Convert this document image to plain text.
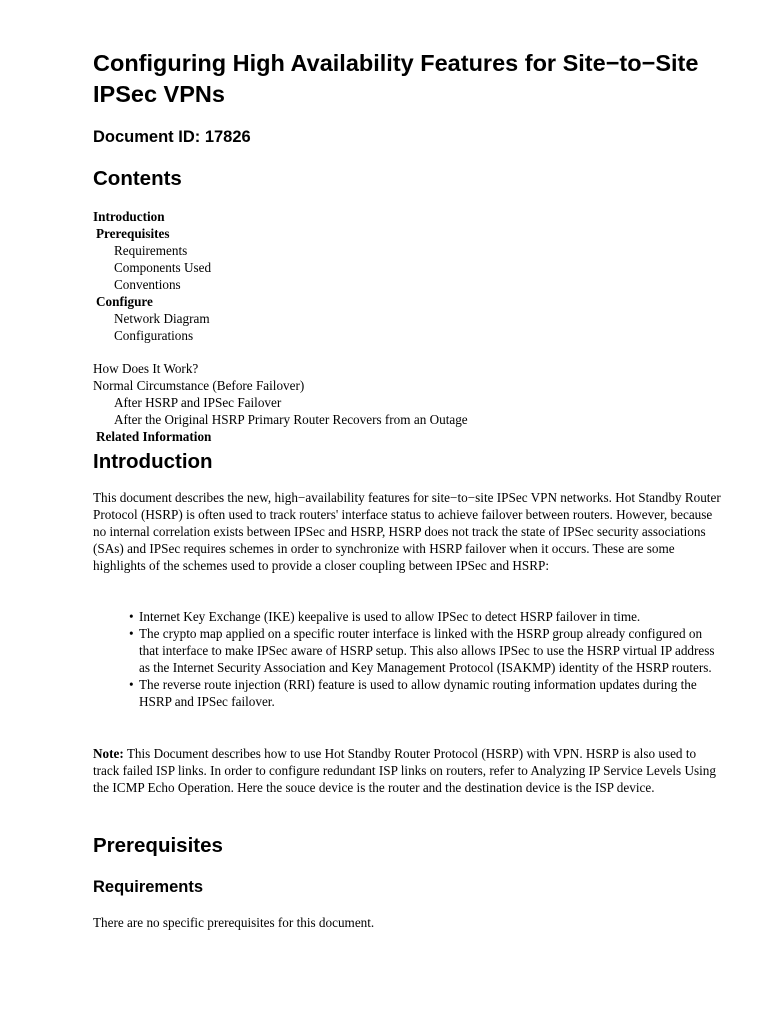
Configuring High Availability Features for Site−to−Site IPSec VPNs
Document ID: 17826
Contents
Introduction
Prerequisites
Requirements
Components Used
Conventions
Configure
Network Diagram
Configurations
How Does It Work?
Normal Circumstance (Before Failover)
After HSRP and IPSec Failover
After the Original HSRP Primary Router Recovers from an Outage
Related Information
Introduction

This document describes the new, high−availability features for site−to−site IPSec VPN networks. Hot Standby Router Protocol (HSRP) is often used to track routers' interface status to achieve failover between routers. However, because no internal correlation exists between IPSec and HSRP, HSRP does not track the state of IPSec security associations (SAs) and IPSec requires schemes in order to synchronize with HSRP failover when it occurs. These are some highlights of the schemes used to provide a closer coupling between IPSec and HSRP:

• Internet Key Exchange (IKE) keepalive is used to allow IPSec to detect HSRP failover in time.
• The crypto map applied on a specific router interface is linked with the HSRP group already configured on that interface to make IPSec aware of HSRP setup. This also allows IPSec to use the HSRP virtual IP address as the Internet Security Association and Key Management Protocol (ISAKMP) identity of the HSRP routers.
• The reverse route injection (RRI) feature is used to allow dynamic routing information updates during the HSRP and IPSec failover.

Note: This Document describes how to use Hot Standby Router Protocol (HSRP) with VPN. HSRP is also used to track failed ISP links. In order to configure redundant ISP links on routers, refer to Analyzing IP Service Levels Using the ICMP Echo Operation. Here the souce device is the router and the destination device is the ISP device.

Prerequisites
Requirements

There are no specific prerequisites for this document.
